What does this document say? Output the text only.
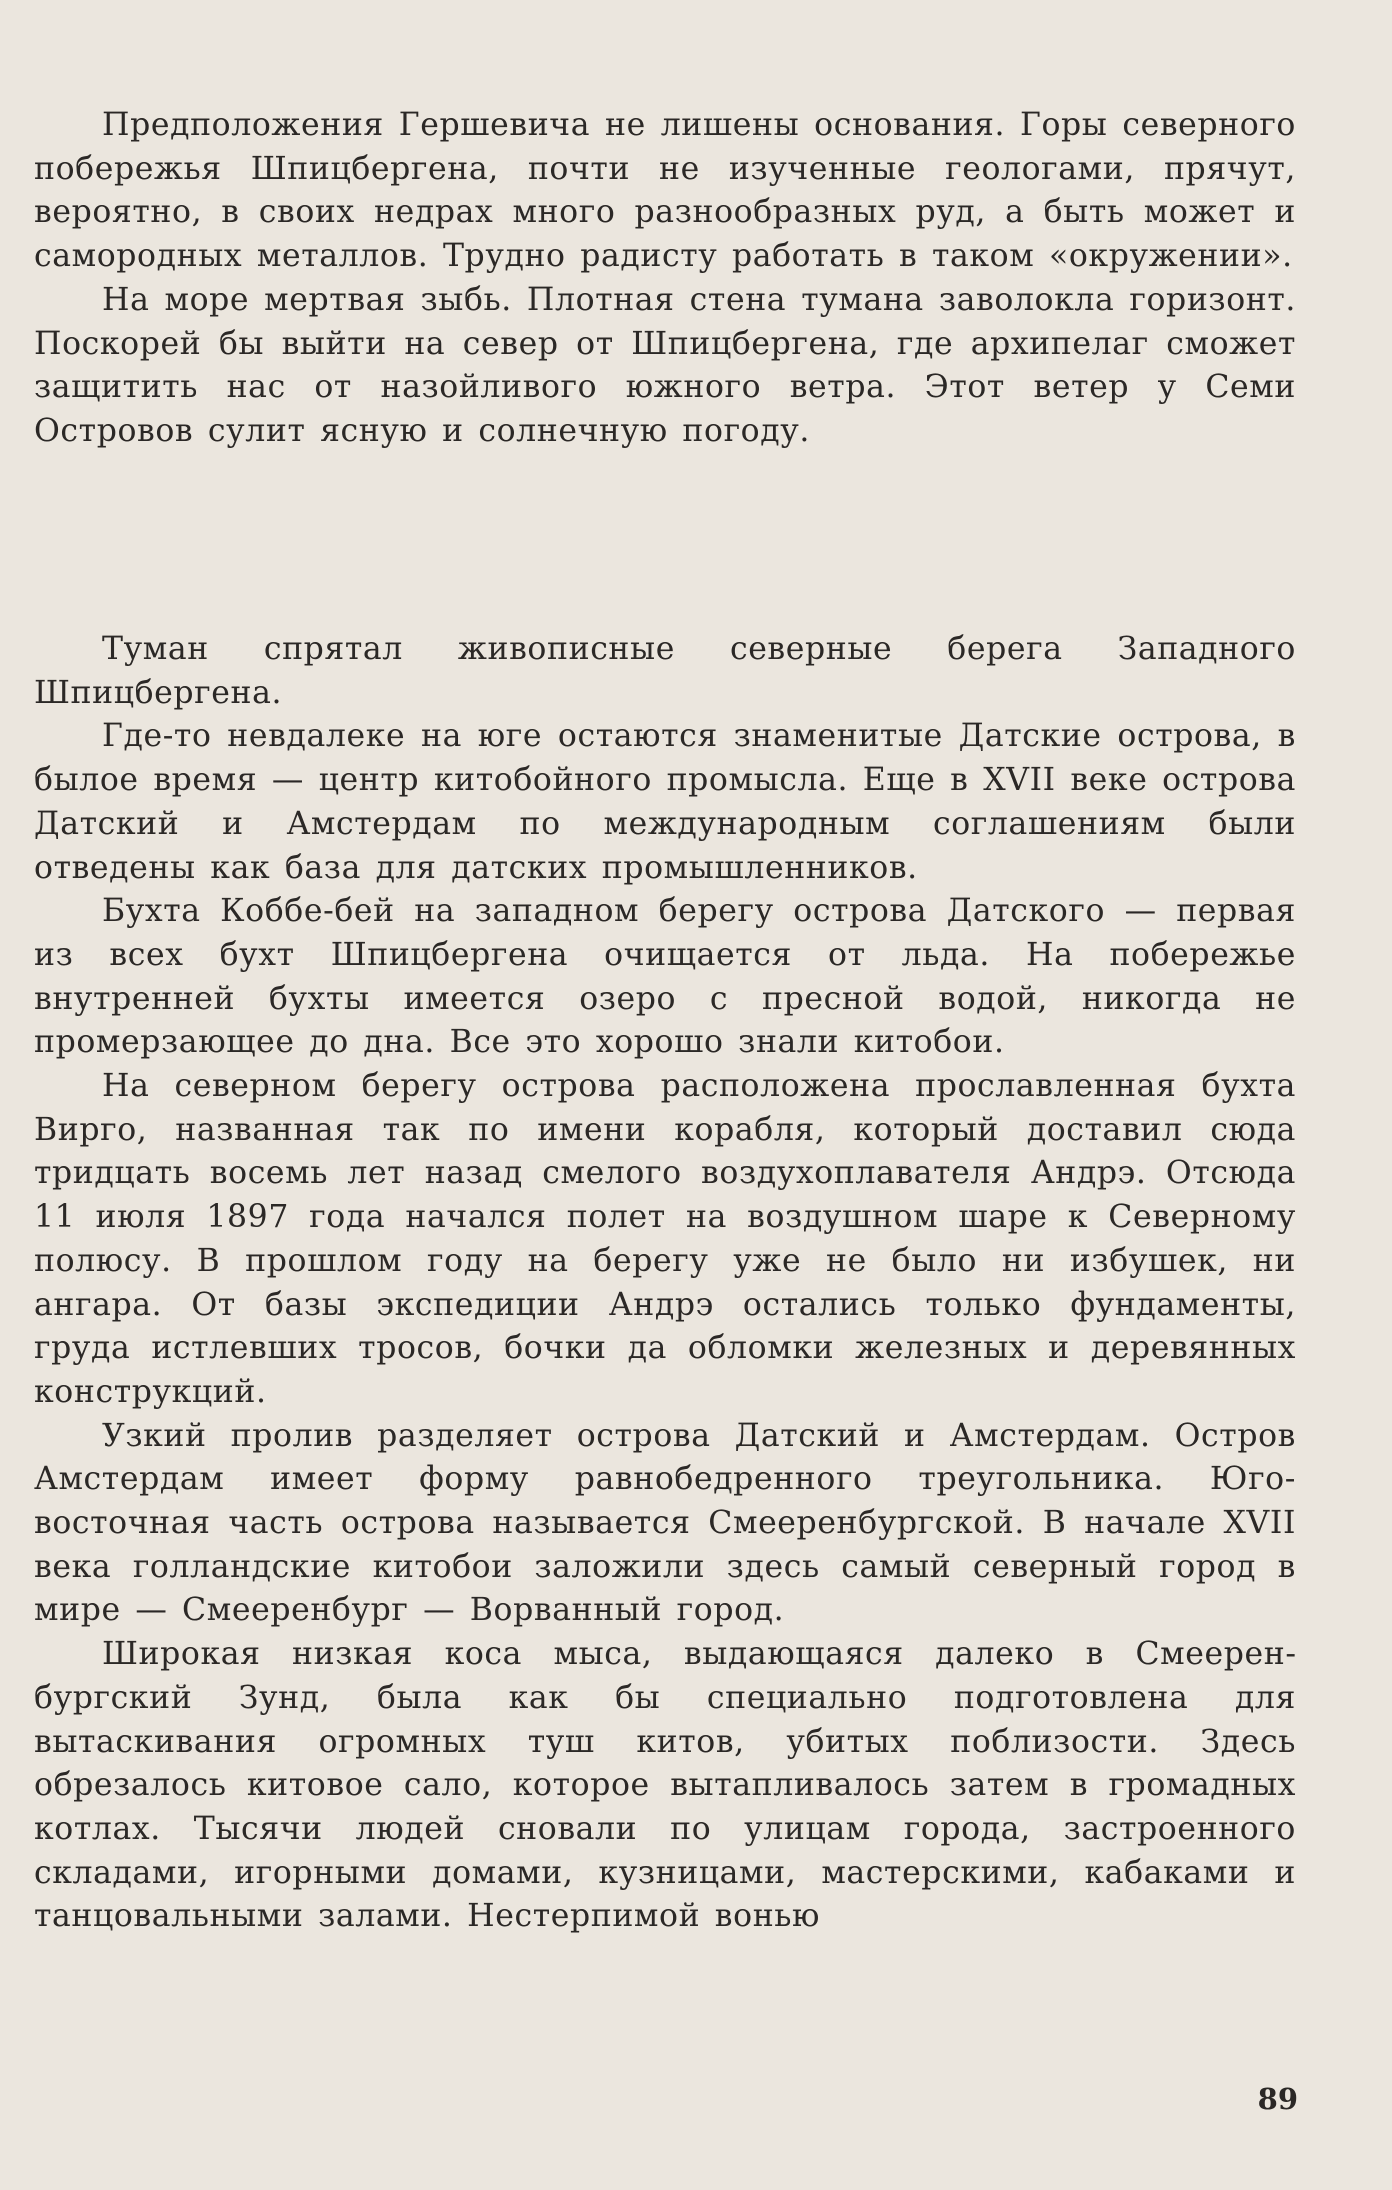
Предположения Гершевича не лишены основания. Горы северного побережья Шпицбергена, почти не изученные геологами, прячут, вероятно, в своих недрах много разнообразных руд, а быть может и самородных металлов. Трудно радисту работать в таком «окружении».

На море мертвая зыбь. Плотная стена тумана заволокла горизонт. Поскорей бы выйти на север от Шпицбергена, где архипелаг сможет защитить нас от назойливого южного ветра. Этот ветер у Семи Островов сулит ясную и солнечную погоду.

Туман спрятал живописные северные берега Западного Шпицбергена.

Где-то невдалеке на юге остаются знаменитые Датские острова, в былое время — центр китобойного промысла. Еще в XVII веке острова Датский и Амстердам по международным соглашениям были отведены как база для датских промышленников.

Бухта Коббе-бей на западном берегу острова Датского — первая из всех бухт Шпицбергена очищается от льда. На побережье внутренней бухты имеется озеро с пресной водой, никогда не промерзающее до дна. Все это хорошо знали китобои.

На северном берегу острова расположена прославленная бухта Вирго, названная так по имени корабля, который доставил сюда тридцать восемь лет назад смелого воздухоплавателя Андрэ. Отсюда 11 июля 1897 года начался полет на воздушном шаре к Северному полюсу. В прошлом году на берегу уже не было ни избушек, ни ангара. От базы экспедиции Андрэ остались только фундаменты, груда истлевших тросов, бочки да обломки железных и деревянных конструкций.

Узкий пролив разделяет острова Датский и Амстердам. Остров Амстердам имеет форму равнобедренного треугольника. Юго-восточная часть острова называется Смееренбургской. В начале XVII века голландские китобои заложили здесь самый северный город в мире — Смееренбург — Ворванный город.

Широкая низкая коса мыса, выдающаяся далеко в Смееренбургский Зунд, была как бы специально подготовлена для вытаскивания огромных туш китов, убитых поблизости. Здесь обрезалось китовое сало, которое вытапливалось затем в громадных котлах. Тысячи людей сновали по улицам города, застроенного складами, игорными домами, кузницами, мастерскими, кабаками и танцовальными залами. Нестерпимой вонью

89
